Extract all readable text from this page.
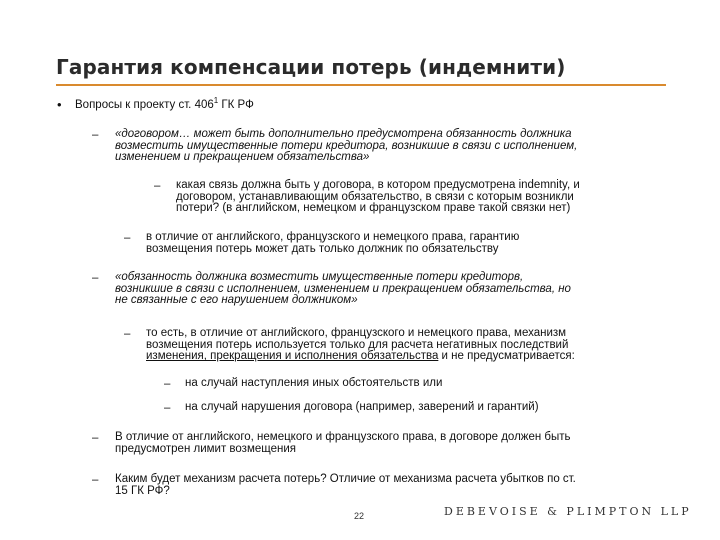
Гарантия компенсации потерь (индемнити)
• Вопросы к проекту ст. $406^1$ ГК РФ
– «договором… может быть дополнительно предусмотрена обязанность должника
возместить имущественные потери кредитора, возникшие в связи с исполнением,
изменением и прекращением обязательства»
– какая связь должна быть у договора, в котором предусмотрена indemnity, и
договором, устанавливающим обязательство, в связи с которым возникли
потери? (в английском, немецком и французском праве такой связки нет)
– в отличие от английского, французского и немецкого права, гарантию
возмещения потерь может дать только должник по обязательству
– «обязанность должника возместить имущественные потери кредиторв,
возникшие в связи с исполнением, изменением и прекращением обязательства, но
не связанные с его нарушением должником»
– то есть, в отличие от английского, французского и немецкого права, механизм
возмещения потерь используется только для расчета негативных последствий
изменения, прекращения и исполнения обязательства и не предусматривается:
– на случай наступления иных обстоятельств или
– на случай нарушения договора (например, заверений и гарантий)
– В отличие от английского, немецкого и французского права, в договоре должен быть
предусмотрен лимит возмещения
– Каким будет механизм расчета потерь? Отличие от механизма расчета убытков по ст.
15 ГК РФ?
22	DEBEVOISE & PLIMPTON LLP
